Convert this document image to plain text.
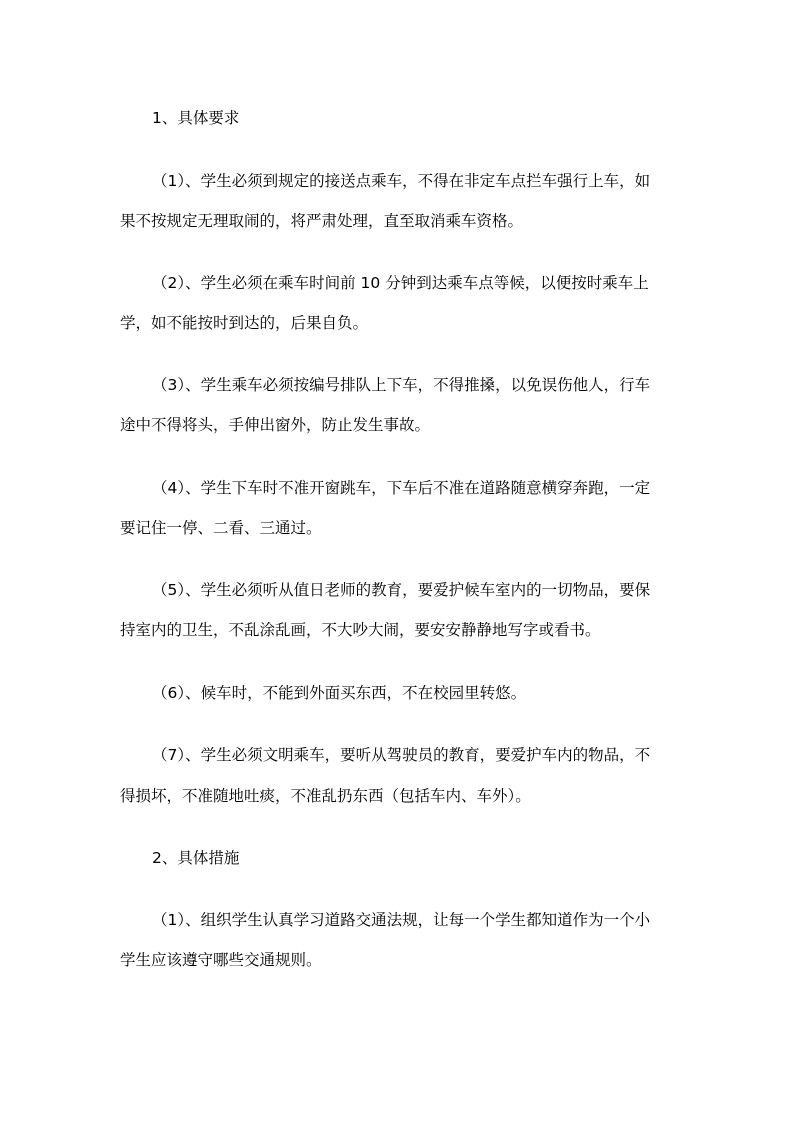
1、具体要求
（1）、学生必须到规定的接送点乘车，不得在非定车点拦车强行上车，如
果不按规定无理取闹的，将严肃处理，直至取消乘车资格。
（2）、学生必须在乘车时间前 10 分钟到达乘车点等候，以便按时乘车上
学，如不能按时到达的，后果自负。
（3）、学生乘车必须按编号排队上下车，不得推搡，以免误伤他人，行车
途中不得将头，手伸出窗外，防止发生事故。
（4）、学生下车时不准开窗跳车，下车后不准在道路随意横穿奔跑，一定
要记住一停、二看、三通过。
（5）、学生必须听从值日老师的教育，要爱护候车室内的一切物品，要保
持室内的卫生，不乱涂乱画，不大吵大闹，要安安静静地写字或看书。
（6）、候车时，不能到外面买东西，不在校园里转悠。
（7）、学生必须文明乘车，要听从驾驶员的教育，要爱护车内的物品，不
得损坏，不准随地吐痰，不准乱扔东西（包括车内、车外）。
2、具体措施
（1）、组织学生认真学习道路交通法规，让每一个学生都知道作为一个小
学生应该遵守哪些交通规则。
